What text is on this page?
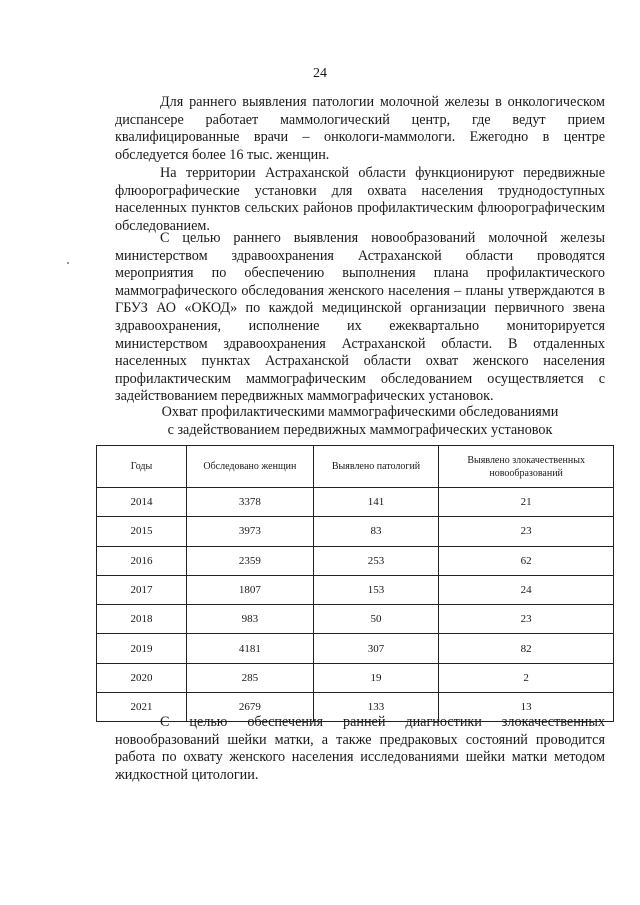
24

Для раннего выявления патологии молочной железы в онкологическом диспансере работает маммологический центр, где ведут прием квалифицированные врачи – онкологи-маммологи. Ежегодно в центре обследуется более 16 тыс. женщин.

На территории Астраханской области функционируют передвижные флюорографические установки для охвата населения труднодоступных населенных пунктов сельских районов профилактическим флюорографическим обследованием.

С целью раннего выявления новообразований молочной железы министерством здравоохранения Астраханской области проводятся мероприятия по обеспечению выполнения плана профилактического маммографического обследования женского населения – планы утверждаются в ГБУЗ АО «ОКОД» по каждой медицинской организации первичного звена здравоохранения, исполнение их ежеквартально мониторируется министерством здравоохранения Астраханской области. В отдаленных населенных пунктах Астраханской области охват женского населения профилактическим маммографическим обследованием осуществляется с задействованием передвижных маммографических установок.

Охват профилактическими маммографическими обследованиями
с задействованием передвижных маммографических установок
Годы	Обследовано женщин	Выявлено патологий	Выявлено злокачественных новообразований
2014	3378	141	21
2015	3973	83	23
2016	2359	253	62
2017	1807	153	24
2018	983	50	23
2019	4181	307	82
2020	285	19	2
2021	2679	133	13

С целью обеспечения ранней диагностики злокачественных новообразований шейки матки, а также предраковых состояний проводится работа по охвату женского населения исследованиями шейки матки методом жидкостной цитологии.
